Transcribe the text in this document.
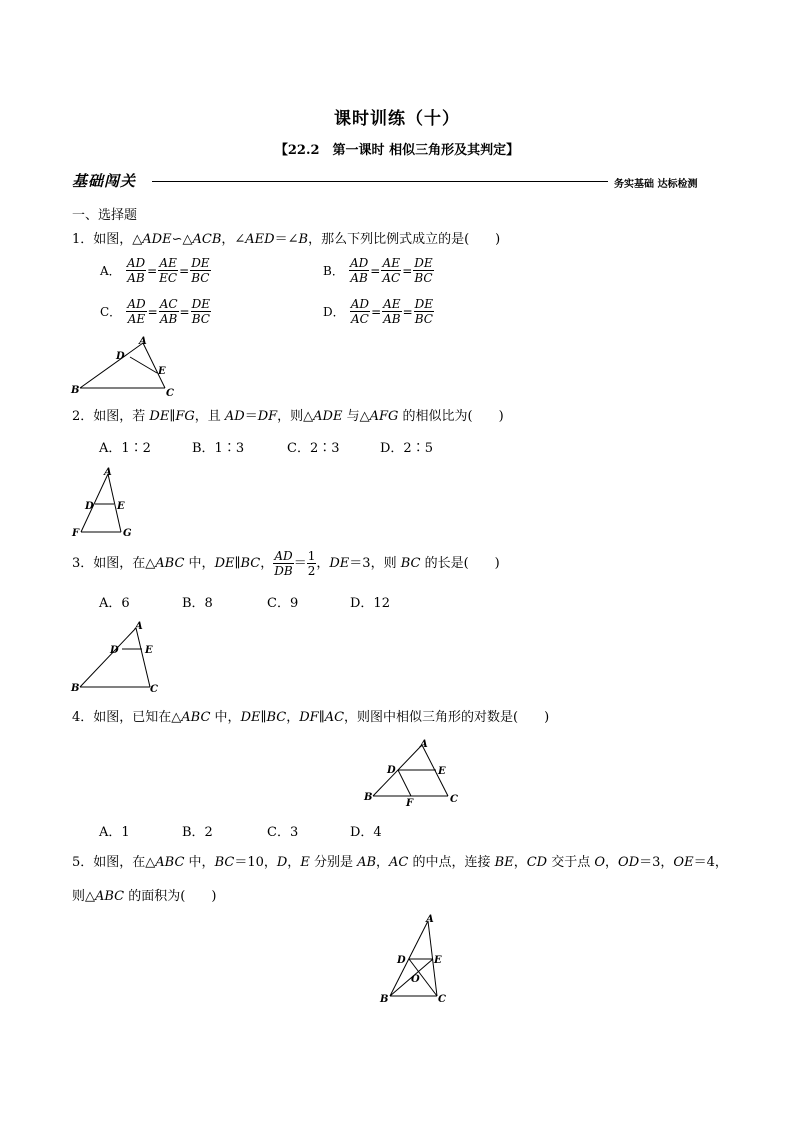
课时训练（十）
【22.2　第一课时 相似三角形及其判定】
基础闯关	务实基础 达标检测
一、选择题
1．如图，△ADE∽△ACB，∠AED＝∠B，那么下列比例式成立的是(　　)
A． $\frac{AD}{AB} = \frac{AE}{EC} = \frac{DE}{BC}$	B． $\frac{AD}{AB} = \frac{AE}{AC} = \frac{DE}{BC}$
C． $\frac{AD}{AE} = \frac{AC}{AB} = \frac{DE}{BC}$	D． $\frac{AD}{AC} = \frac{AE}{AB} = \frac{DE}{BC}$
A
D
E
B	C
2．如图，若 DE∥FG，且 AD＝DF，则△ADE 与△AFG 的相似比为(　　)
A．1∶2	B．1∶3	C．2∶3	D．2∶5
A
D E
F	G
3．如图，在△ABC 中，DE∥BC， $\frac{AD}{DB} = \frac{1}{2}$ ，DE＝3，则 BC 的长是(　　)
A．6	B．8	C．9	D．12
A
D	E
B	C
4．如图，已知在△ABC 中，DE∥BC，DF∥AC，则图中相似三角形的对数是(　　)
A
D	E
B
F	C
A．1	B．2	C．3	D．4
5．如图，在△ABC 中，BC＝10，D，E 分别是 AB，AC 的中点，连接 BE，CD 交于点 O，OD＝3，OE＝4，
则△ABC 的面积为(　　)
A
D	E
O
B	C
